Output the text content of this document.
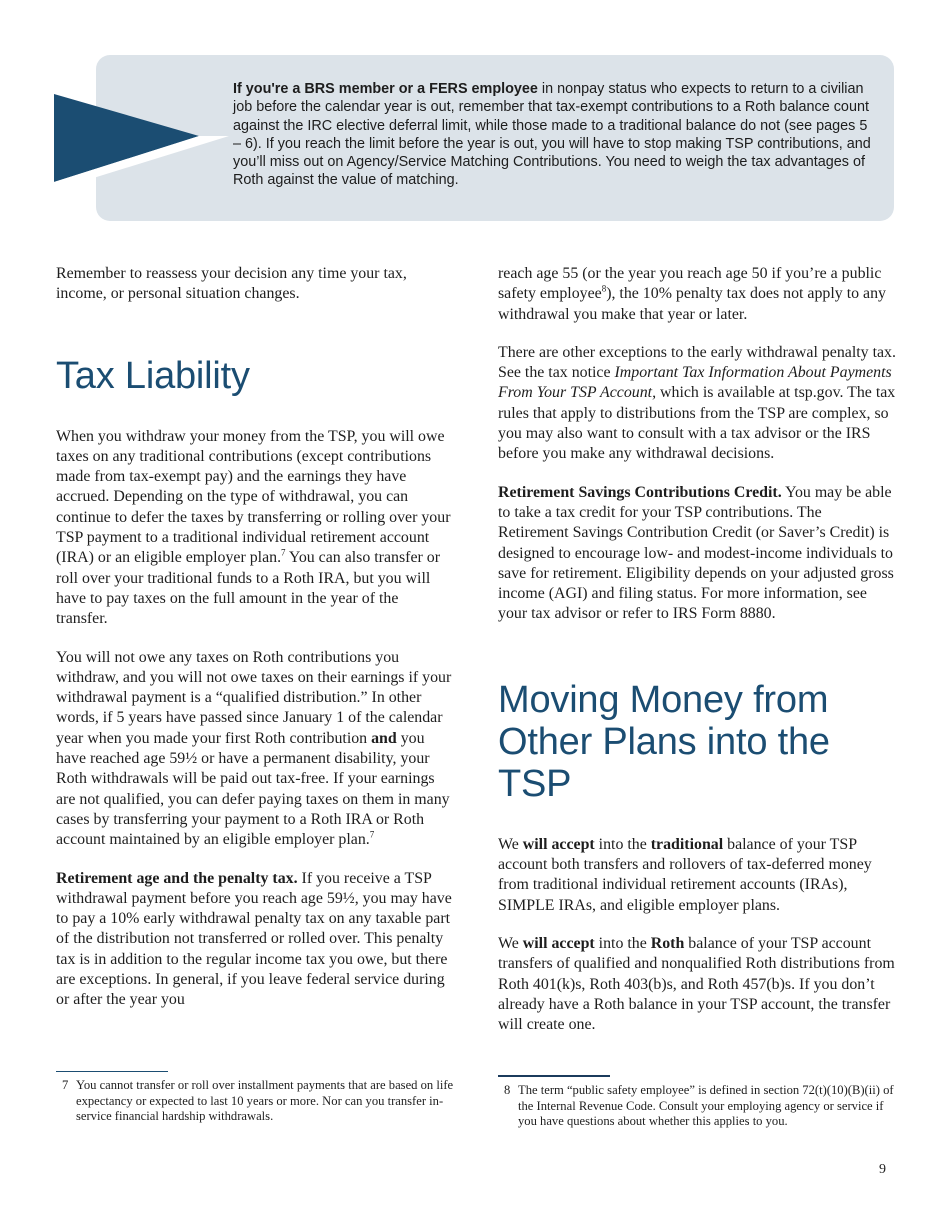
If you're a BRS member or a FERS employee in nonpay status who expects to return to a civilian job before the calendar year is out, remember that tax-exempt contributions to a Roth balance count against the IRC elective deferral limit, while those made to a traditional balance do not (see pages 5 – 6). If you reach the limit before the year is out, you will have to stop making TSP contributions, and you’ll miss out on Agency/Service Matching Contributions. You need to weigh the tax advantages of Roth against the value of matching.

Remember to reassess your decision any time your tax, income, or personal situation changes.

Tax Liability

When you withdraw your money from the TSP, you will owe taxes on any traditional contributions (except contributions made from tax-exempt pay) and the earnings they have accrued. Depending on the type of withdrawal, you can continue to defer the taxes by transferring or rolling over your TSP payment to a traditional individual retirement account (IRA) or an eligible employer plan.$^7$ You can also transfer or roll over your traditional funds to a Roth IRA, but you will have to pay taxes on the full amount in the year of the transfer.

You will not owe any taxes on Roth contributions you withdraw, and you will not owe taxes on their earnings if your withdrawal payment is a “qualified distribution.” In other words, if 5 years have passed since January 1 of the calendar year when you made your first Roth contribution and you have reached age 59½ or have a permanent disability, your Roth withdrawals will be paid out tax-free. If your earnings are not qualified, you can defer paying taxes on them in many cases by transferring your payment to a Roth IRA or Roth account maintained by an eligible employer plan.$^7$

Retirement age and the penalty tax. If you receive a TSP withdrawal payment before you reach age 59½, you may have to pay a 10% early withdrawal penalty tax on any taxable part of the distribution not transferred or rolled over. This penalty tax is in addition to the regular income tax you owe, but there are exceptions. In general, if you leave federal service during or after the year you

reach age 55 (or the year you reach age 50 if you’re a public safety employee$^8$), the 10% penalty tax does not apply to any withdrawal you make that year or later.

There are other exceptions to the early withdrawal penalty tax. See the tax notice Important Tax Information About Payments From Your TSP Account, which is available at tsp.gov. The tax rules that apply to distributions from the TSP are complex, so you may also want to consult with a tax advisor or the IRS before you make any withdrawal decisions.

Retirement Savings Contributions Credit. You may be able to take a tax credit for your TSP contributions. The Retirement Savings Contribution Credit (or Saver’s Credit) is designed to encourage low- and modest-income individuals to save for retirement. Eligibility depends on your adjusted gross income (AGI) and filing status. For more information, see your tax advisor or refer to IRS Form 8880.

Moving Money from
Other Plans into the TSP

We will accept into the traditional balance of your TSP account both transfers and rollovers of tax-deferred money from traditional individual retirement accounts (IRAs), SIMPLE IRAs, and eligible employer plans.

We will accept into the Roth balance of your TSP account transfers of qualified and nonqualified Roth distributions from Roth 401(k)s, Roth 403(b)s, and Roth 457(b)s. If you don’t already have a Roth balance in your TSP account, the transfer will create one.

7 You cannot transfer or roll over installment payments that are based on life expectancy or expected to last 10 years or more. Nor can you transfer in-service financial hardship withdrawals.
8 The term “public safety employee” is defined in section 72(t)(10)(B)(ii) of the Internal Revenue Code. Consult your employing agency or service if you have questions about whether this applies to you.
9
